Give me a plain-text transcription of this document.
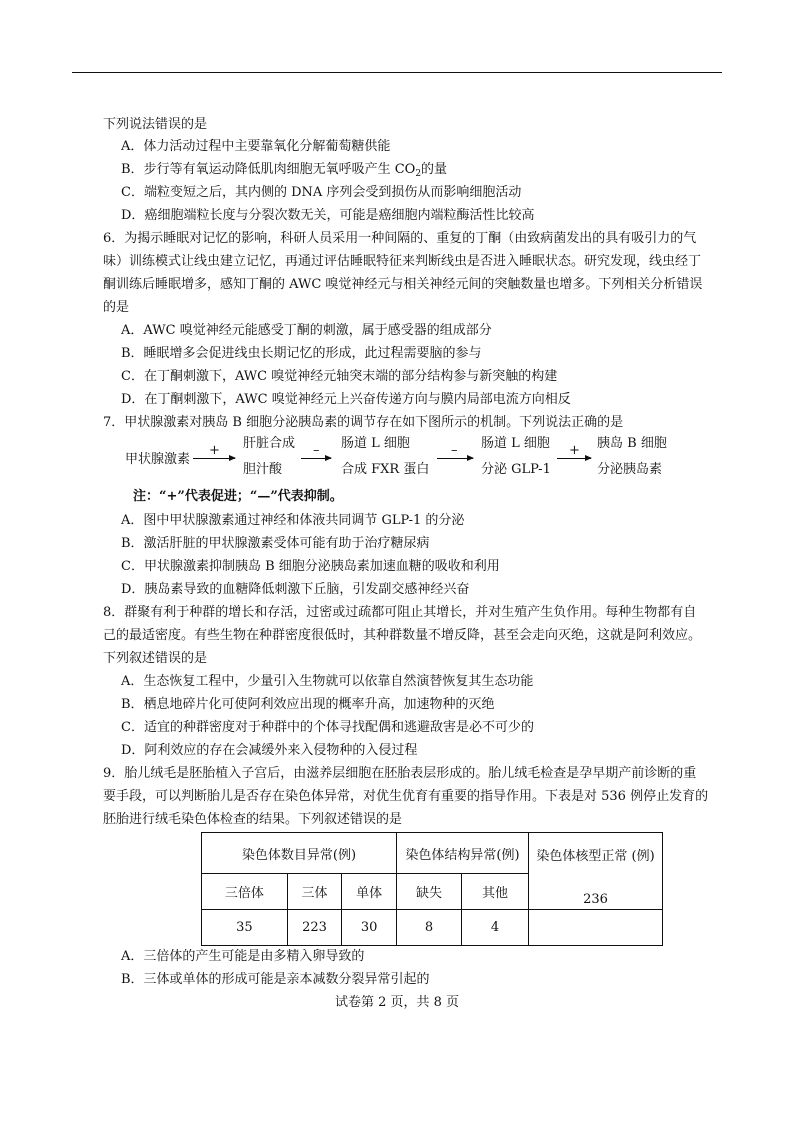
下列说法错误的是
A．体力活动过程中主要靠氧化分解葡萄糖供能
B．步行等有氧运动降低肌肉细胞无氧呼吸产生 $CO_2$的量
C．端粒变短之后，其内侧的 DNA 序列会受到损伤从而影响细胞活动
D．癌细胞端粒长度与分裂次数无关，可能是癌细胞内端粒酶活性比较高
6．为揭示睡眠对记忆的影响，科研人员采用一种间隔的、重复的丁酮（由致病菌发出的具有吸引力的气
味）训练模式让线虫建立记忆，再通过评估睡眠特征来判断线虫是否进入睡眠状态。研究发现，线虫经丁
酮训练后睡眠增多，感知丁酮的 AWC 嗅觉神经元与相关神经元间的突触数量也增多。下列相关分析错误
的是
A．AWC 嗅觉神经元能感受丁酮的刺激，属于感受器的组成部分
B．睡眠增多会促进线虫长期记忆的形成，此过程需要脑的参与
C．在丁酮刺激下，AWC 嗅觉神经元轴突末端的部分结构参与新突触的构建
D．在丁酮刺激下，AWC 嗅觉神经元上兴奋传递方向与膜内局部电流方向相反
7．甲状腺激素对胰岛 B 细胞分泌胰岛素的调节存在如下图所示的机制。下列说法正确的是
甲状腺激素
+ 肝脏合成
胆汁酸
– 肠道 L 细胞
合成 FXR 蛋白
– 肠道 L 细胞
分泌 GLP-1
+ 胰岛 B 细胞
分泌胰岛素
注：“+”代表促进；“—”代表抑制。
A．图中甲状腺激素通过神经和体液共同调节 GLP-1 的分泌
B．激活肝脏的甲状腺激素受体可能有助于治疗糖尿病
C．甲状腺激素抑制胰岛 B 细胞分泌胰岛素加速血糖的吸收和利用
D．胰岛素导致的血糖降低刺激下丘脑，引发副交感神经兴奋
8．群聚有利于种群的增长和存活，过密或过疏都可阻止其增长，并对生殖产生负作用。每种生物都有自
己的最适密度。有些生物在种群密度很低时，其种群数量不增反降，甚至会走向灭绝，这就是阿利效应。
下列叙述错误的是
A．生态恢复工程中，少量引入生物就可以依靠自然演替恢复其生态功能
B．栖息地碎片化可使阿利效应出现的概率升高，加速物种的灭绝
C．适宜的种群密度对于种群中的个体寻找配偶和逃避敌害是必不可少的
D．阿利效应的存在会减缓外来入侵物种的入侵过程
9．胎儿绒毛是胚胎植入子宫后，由滋养层细胞在胚胎表层形成的。胎儿绒毛检查是孕早期产前诊断的重
要手段，可以判断胎儿是否存在染色体异常，对优生优育有重要的指导作用。下表是对 536 例停止发育的
胚胎进行绒毛染色体检查的结果。下列叙述错误的是
染色体数目异常(例)			染色体结构异常(例)		染色体核型正常 (例)
三倍体	三体	单体	缺失	其他	
35	223	30	8	4	236
A．三倍体的产生可能是由多精入卵导致的
B．三体或单体的形成可能是亲本减数分裂异常引起的
试卷第 2 页，共 8 页
